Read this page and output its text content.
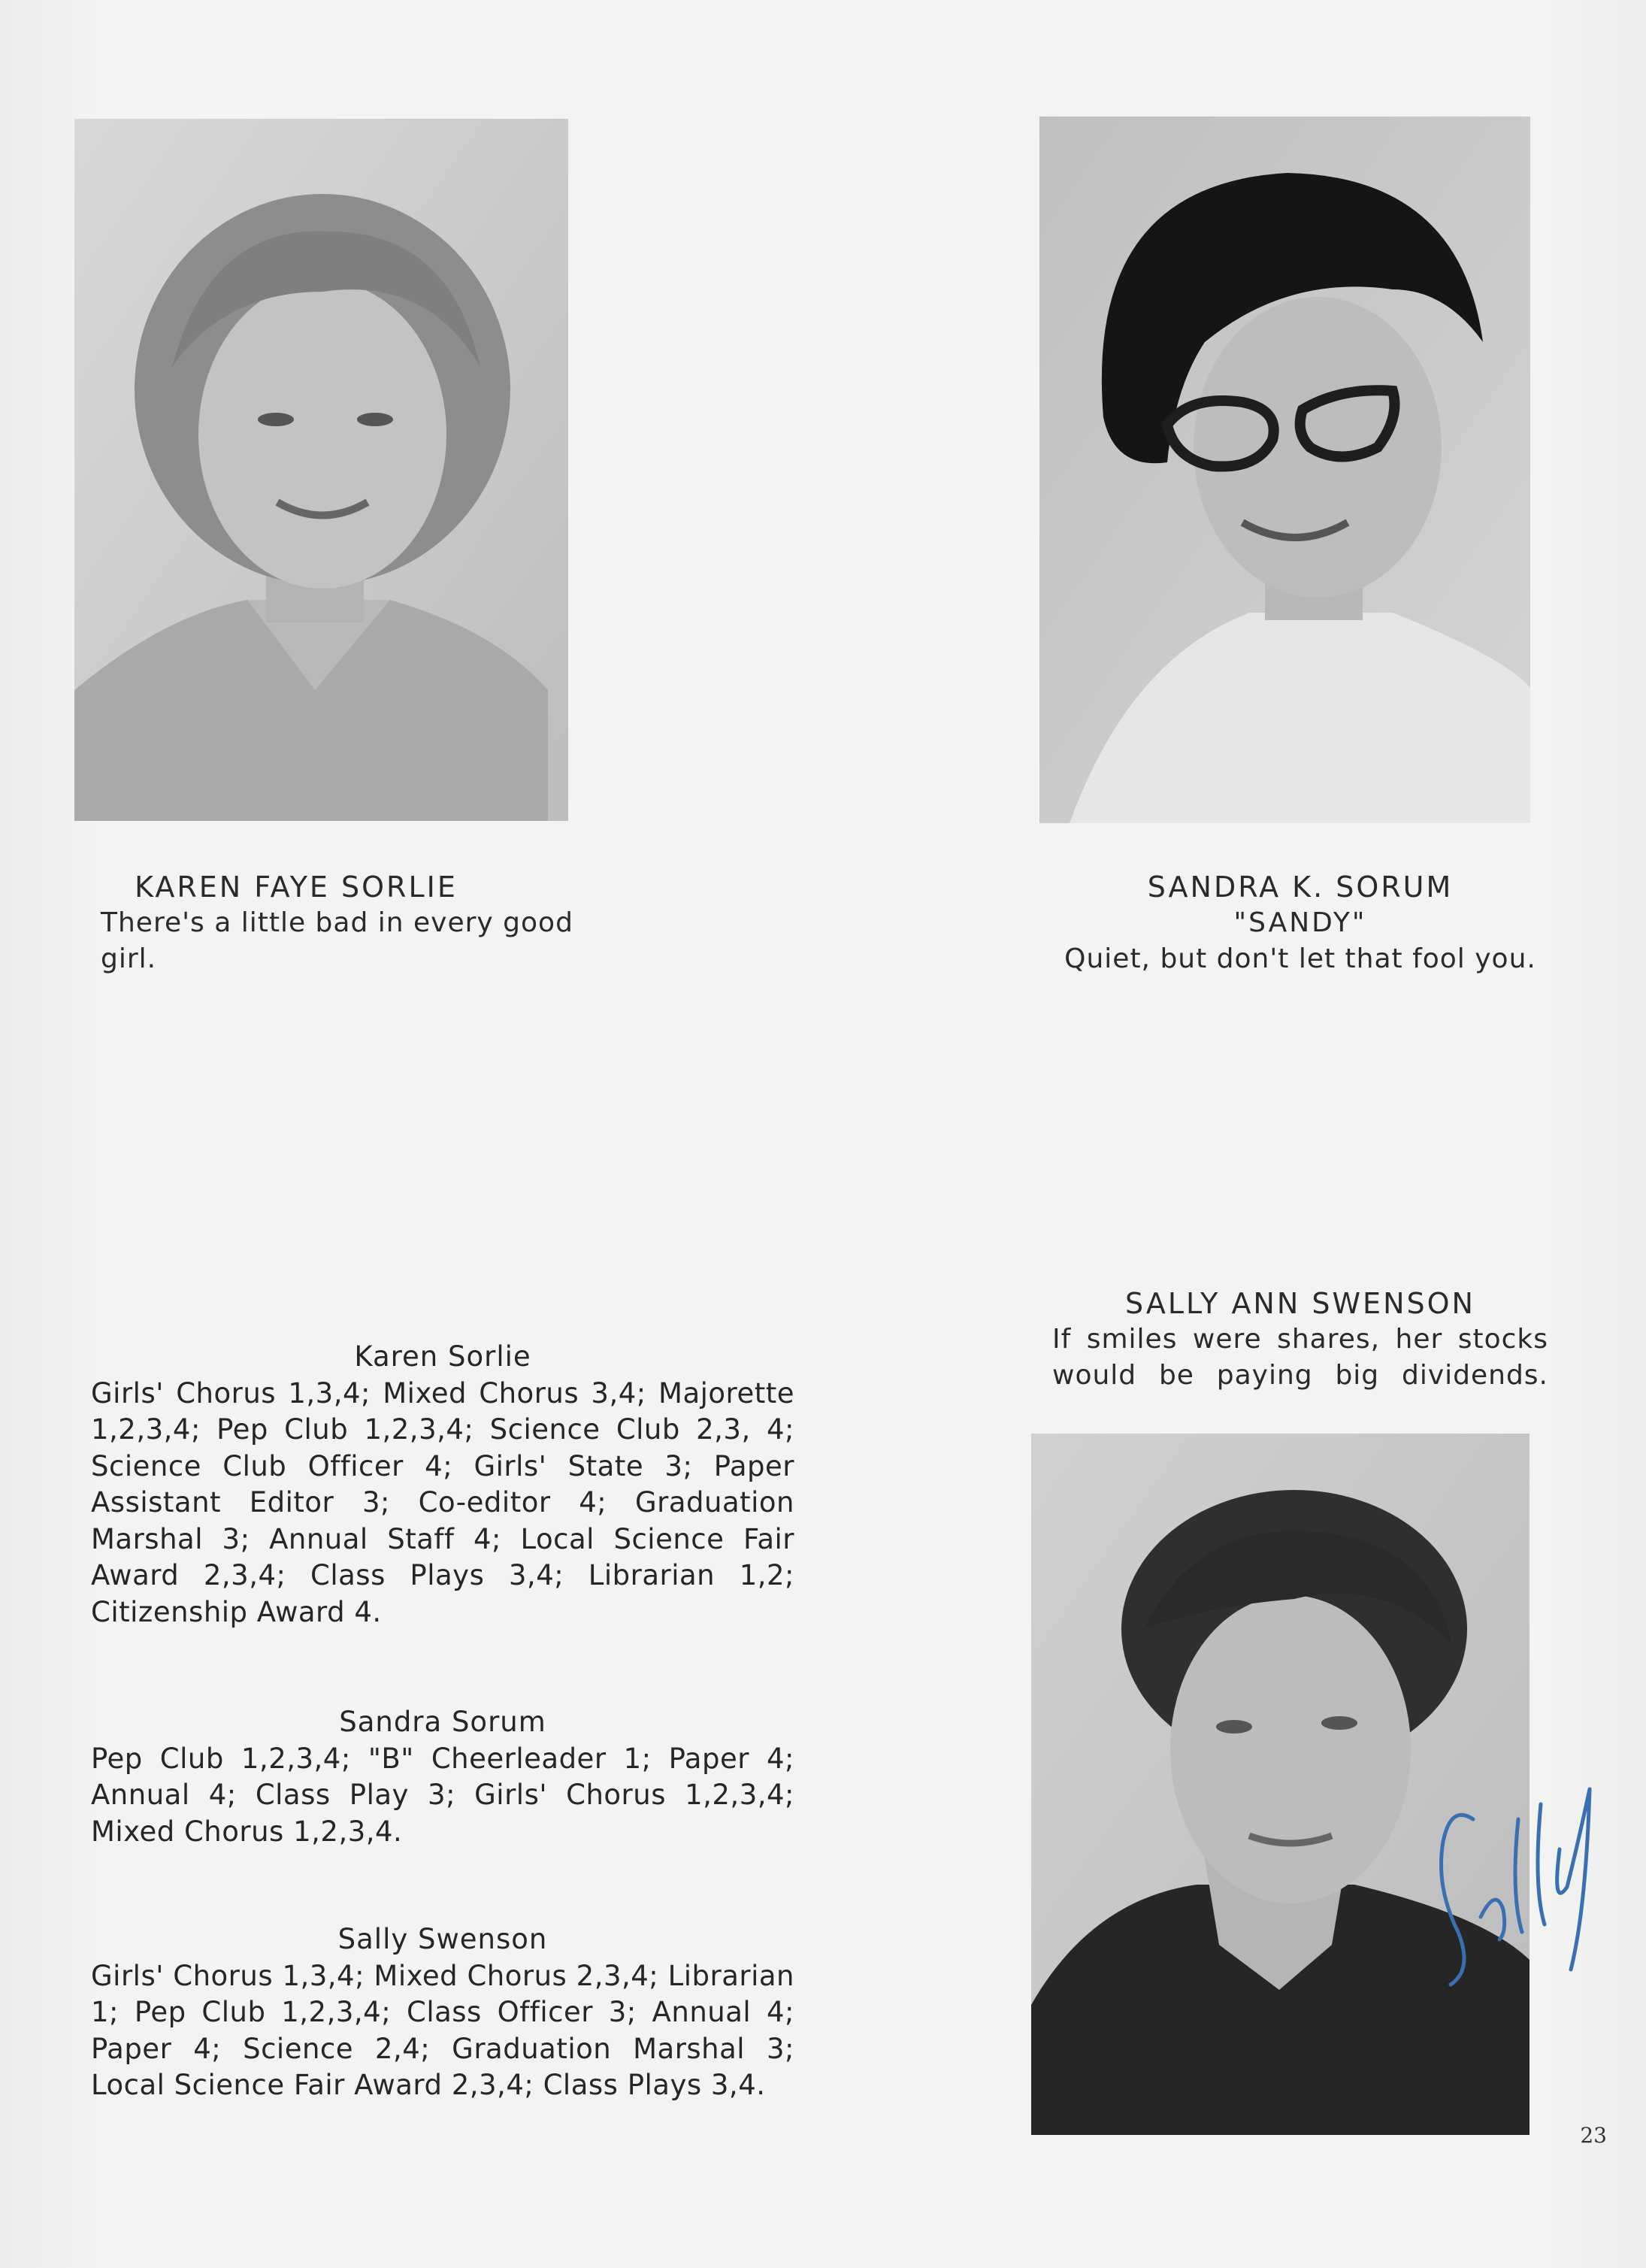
KAREN FAYE SORLIE
There's a little bad in every good
girl.
SANDRA K. SORUM
"SANDY"
Quiet, but don't let that fool you.
SALLY ANN SWENSON
If smiles were shares, her stocks
would be paying big dividends.
Karen Sorlie
Girls' Chorus 1,3,4; Mixed Chorus 3,4; Majorette 1,2,3,4; Pep Club 1,2,3,4; Science Club 2,3, 4; Science Club Officer 4; Girls' State 3; Paper Assistant Editor 3; Co-editor 4; Graduation Marshal 3; Annual Staff 4; Local Science Fair Award 2,3,4; Class Plays 3,4; Librarian 1,2; Citizenship Award 4.
Sandra Sorum
Pep Club 1,2,3,4; "B" Cheerleader 1; Paper 4; Annual 4; Class Play 3; Girls' Chorus 1,2,3,4; Mixed Chorus 1,2,3,4.
Sally Swenson
Girls' Chorus 1,3,4; Mixed Chorus 2,3,4; Librarian 1; Pep Club 1,2,3,4; Class Officer 3; Annual 4; Paper 4; Science 2,4; Graduation Marshal 3; Local Science Fair Award 2,3,4; Class Plays 3,4.
23
